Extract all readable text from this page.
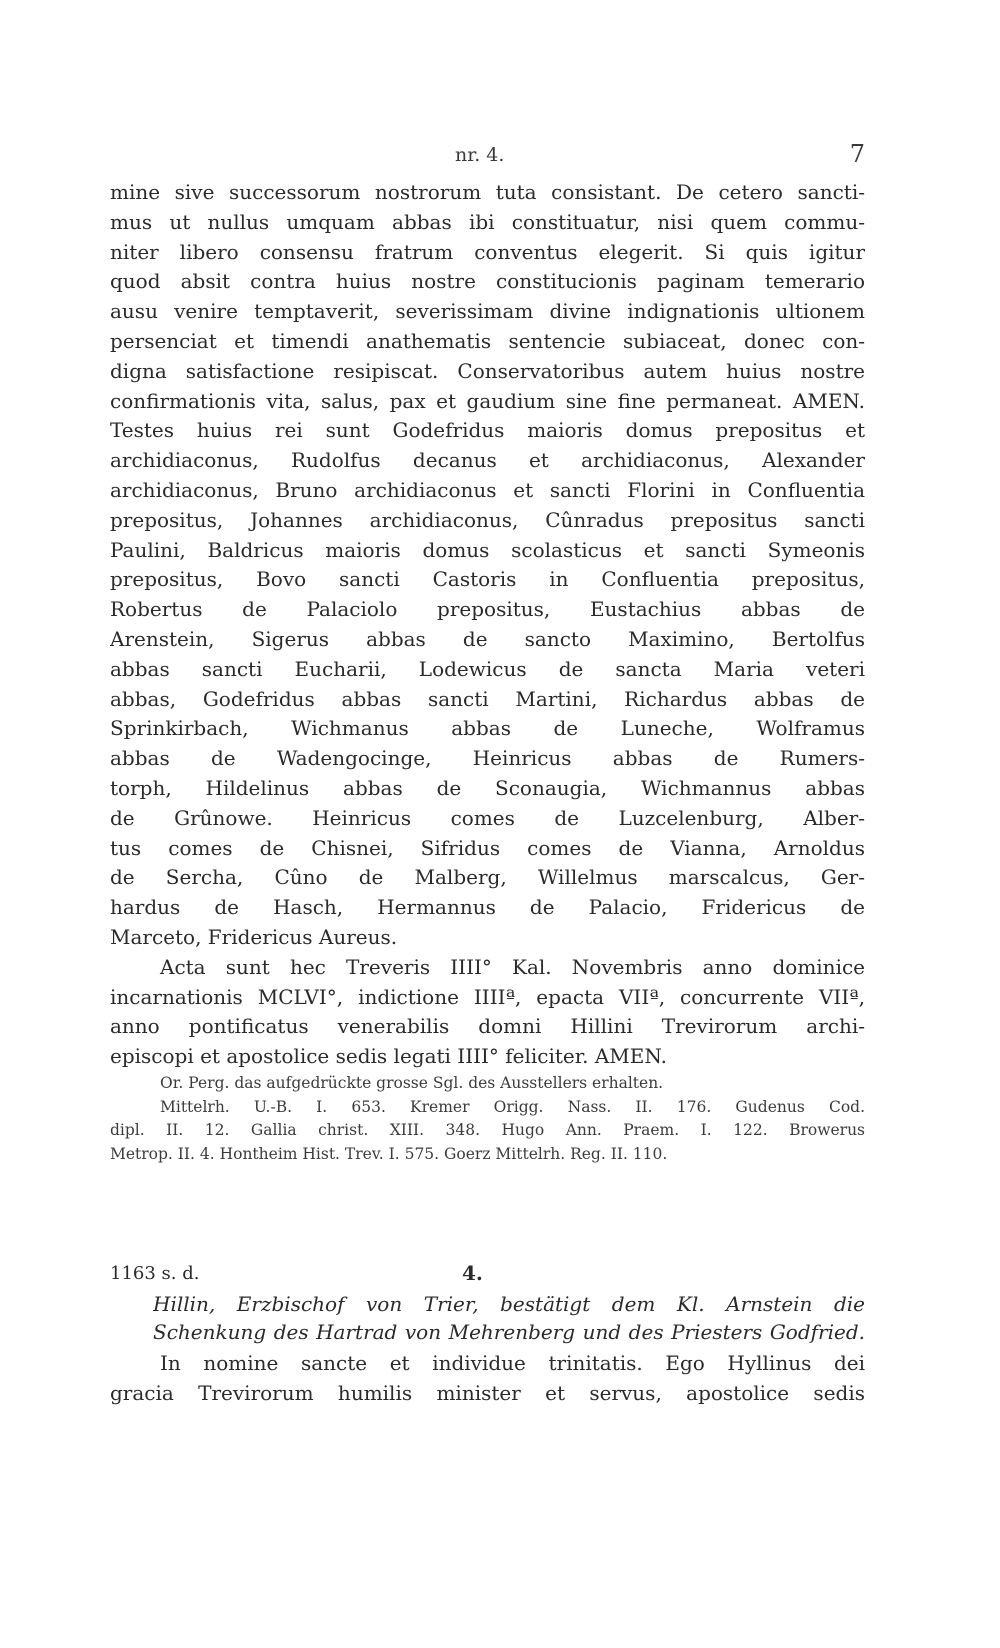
nr. 4.	7
mine sive successorum nostrorum tuta consistant. De cetero sancti-
mus ut nullus umquam abbas ibi constituatur, nisi quem commu-
niter libero consensu fratrum conventus elegerit. Si quis igitur
quod absit contra huius nostre constitucionis paginam temerario
ausu venire temptaverit, severissimam divine indignationis ultionem
persenciat et timendi anathematis sentencie subiaceat, donec con-
digna satisfactione resipiscat. Conservatoribus autem huius nostre
confirmationis vita, salus, pax et gaudium sine fine permaneat. AMEN.
Testes huius rei sunt Godefridus maioris domus prepositus et
archidiaconus, Rudolfus decanus et archidiaconus, Alexander
archidiaconus, Bruno archidiaconus et sancti Florini in Confluentia
prepositus, Johannes archidiaconus, Cûnradus prepositus sancti
Paulini, Baldricus maioris domus scolasticus et sancti Symeonis
prepositus, Bovo sancti Castoris in Confluentia prepositus,
Robertus de Palaciolo prepositus, Eustachius abbas de
Arenstein, Sigerus abbas de sancto Maximino, Bertolfus
abbas sancti Eucharii, Lodewicus de sancta Maria veteri
abbas, Godefridus abbas sancti Martini, Richardus abbas de
Sprinkirbach, Wichmanus abbas de Luneche, Wolframus
abbas de Wadengocinge, Heinricus abbas de Rumers-
torph, Hildelinus abbas de Sconaugia, Wichmannus abbas
de Grûnowe. Heinricus comes de Luzcelenburg, Alber-
tus comes de Chisnei, Sifridus comes de Vianna, Arnoldus
de Sercha, Cûno de Malberg, Willelmus marscalcus, Ger-
hardus de Hasch, Hermannus de Palacio, Fridericus de
Marceto, Fridericus Aureus.
Acta sunt hec Treveris IIII° Kal. Novembris anno dominice
incarnationis MCLVI°, indictione IIIIª, epacta VIIª, concurrente VIIª,
anno pontificatus venerabilis domni Hillini Trevirorum archi-
episcopi et apostolice sedis legati IIII° feliciter. AMEN.
Or. Perg. das aufgedrückte grosse Sgl. des Ausstellers erhalten.
Mittelrh. U.-B. I. 653. Kremer Origg. Nass. II. 176. Gudenus Cod.
dipl. II. 12. Gallia christ. XIII. 348. Hugo Ann. Praem. I. 122. Browerus
Metrop. II. 4. Hontheim Hist. Trev. I. 575. Goerz Mittelrh. Reg. II. 110.
1163 s. d.	4.
Hillin, Erzbischof von Trier, bestätigt dem Kl. Arnstein die
Schenkung des Hartrad von Mehrenberg und des Priesters Godfried.
In nomine sancte et individue trinitatis. Ego Hyllinus dei
gracia Trevirorum humilis minister et servus, apostolice sedis
